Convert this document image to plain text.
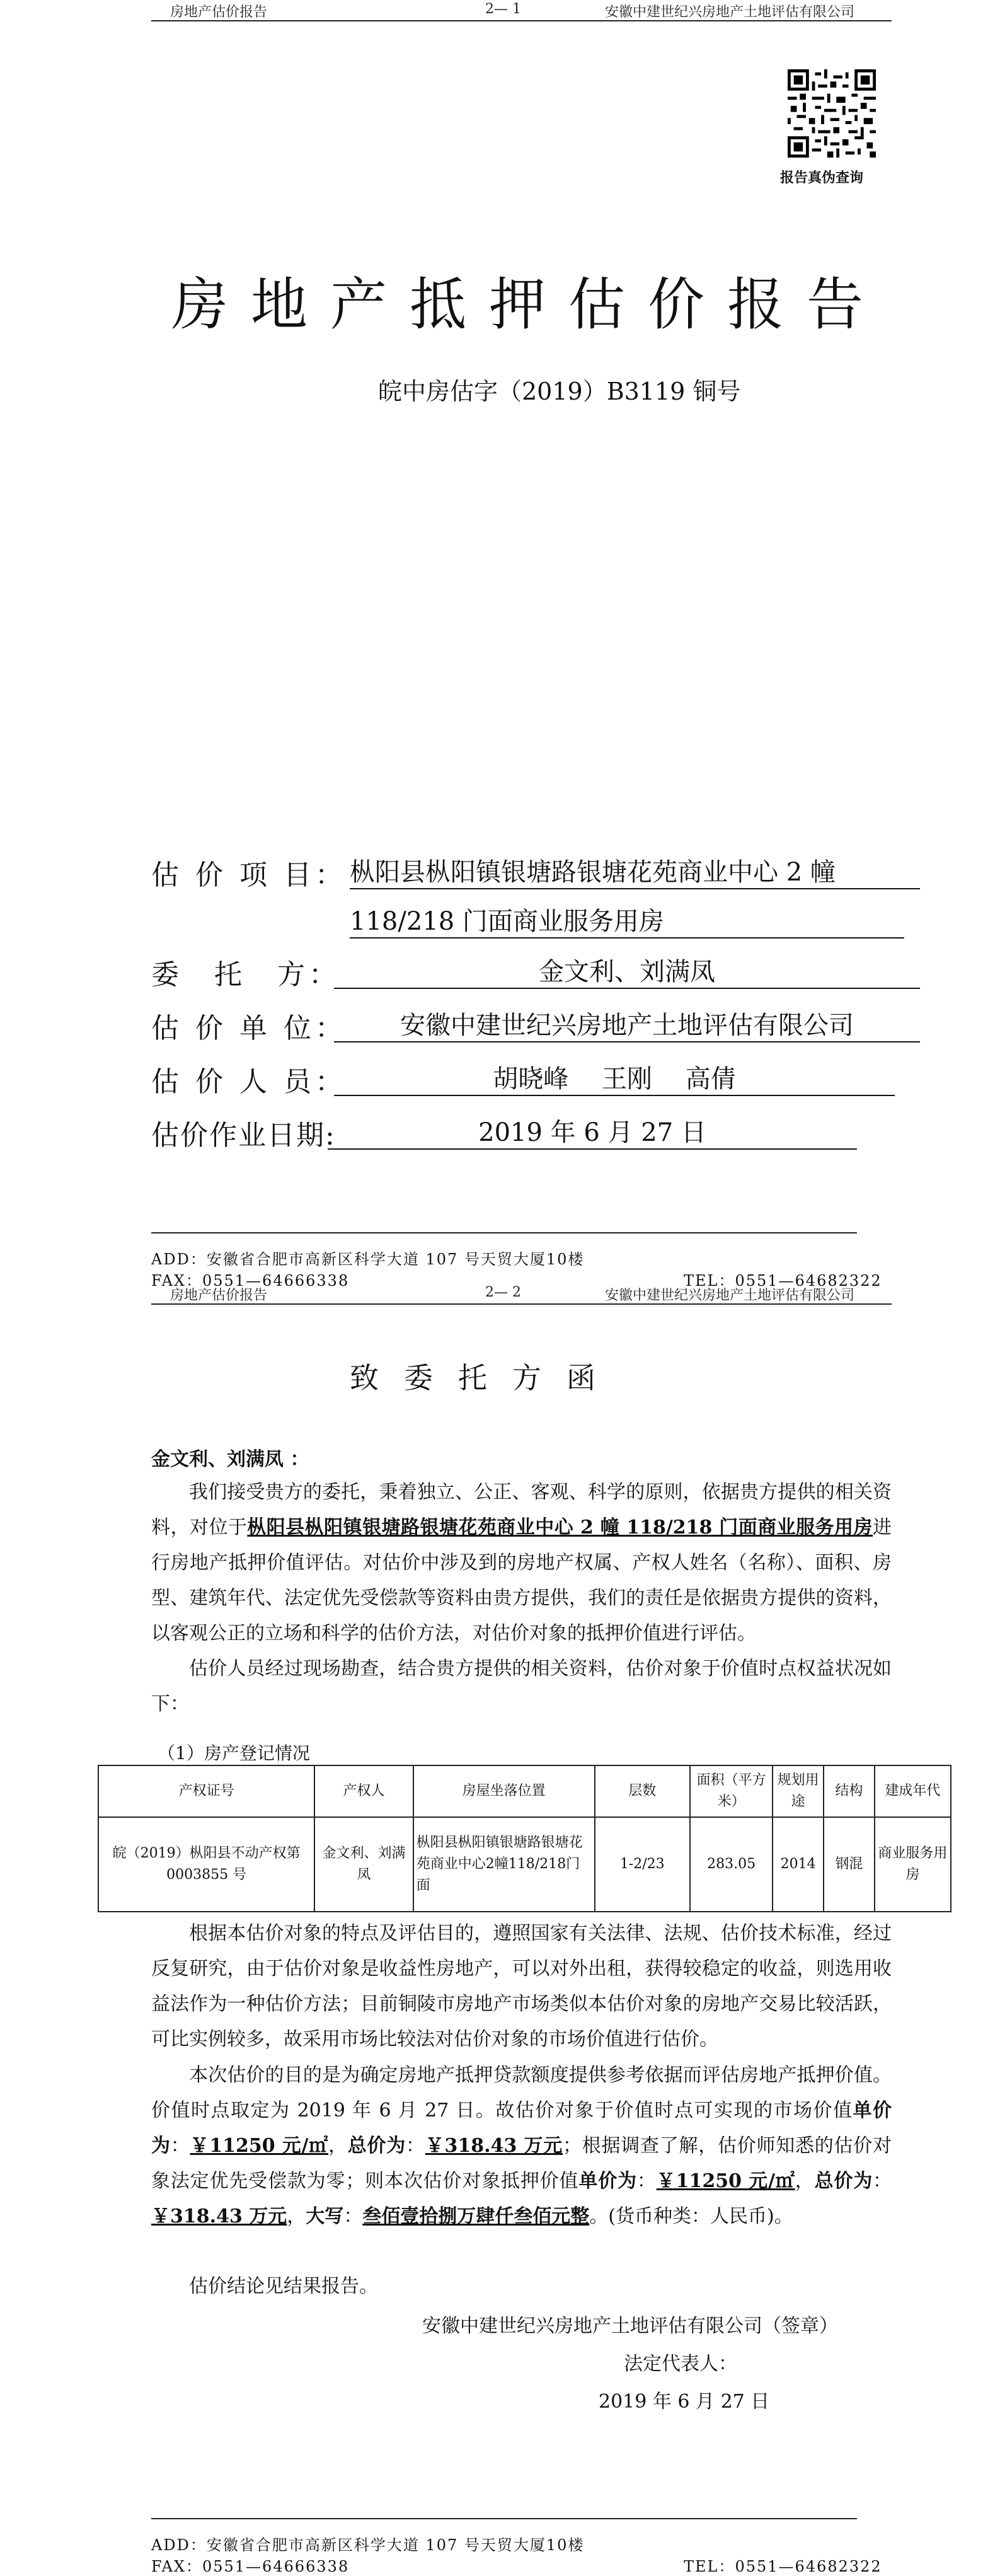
房地产估价报告	2— 1	安徽中建世纪兴房地产土地评估有限公司
报告真伪查询
房地产抵押估价报告
皖中房估字（2019）B3119 铜号
估 价 项 目： 枞阳县枞阳镇银塘路银塘花苑商业中心 2 幢
118/218 门面商业服务用房
委　托　方：	金文利、刘满凤
估 价 单 位：	安徽中建世纪兴房地产土地评估有限公司
估 价 人 员：	胡晓峰　 王刚　 高倩
估价作业日期:	2019 年 6 月 27 日
ADD：安徽省合肥市高新区科学大道 107 号天贸大厦10楼
FAX：0551—64666338	TEL：0551—64682322
房地产估价报告	2— 2	安徽中建世纪兴房地产土地评估有限公司
致委托方函
金文利、刘满凤 ：
我们接受贵方的委托，秉着独立、公正、客观、科学的原则，依据贵方提供的相关资料，对位于枞阳县枞阳镇银塘路银塘花苑商业中心 2 幢 118/218 门面商业服务用房进行房地产抵押价值评估。对估价中涉及到的房地产权属、产权人姓名（名称）、面积、房型、建筑年代、法定优先受偿款等资料由贵方提供，我们的责任是依据贵方提供的资料，以客观公正的立场和科学的估价方法，对估价对象的抵押价值进行评估。
估价人员经过现场勘查，结合贵方提供的相关资料，估价对象于价值时点权益状况如下：
（1）房产登记情况
产权证号	产权人	房屋坐落位置	层数	面积（平方米）	规划用途	结构	建成年代
皖（2019）枞阳县不动产权第 0003855 号	金文利、刘满凤	枞阳县枞阳镇银塘路银塘花苑商业中心2幢118/218门面	1-2/23	283.05	2014	钢混	商业服务用房
根据本估价对象的特点及评估目的，遵照国家有关法律、法规、估价技术标准，经过反复研究，由于估价对象是收益性房地产，可以对外出租，获得较稳定的收益，则选用收益法作为一种估价方法；目前铜陵市房地产市场类似本估价对象的房地产交易比较活跃，可比实例较多，故采用市场比较法对估价对象的市场价值进行估价。
本次估价的目的是为确定房地产抵押贷款额度提供参考依据而评估房地产抵押价值。价值时点取定为 2019 年 6 月 27 日。故估价对象于价值时点可实现的市场价值单价为：￥11250 元/㎡，总价为：￥318.43 万元；根据调查了解，估价师知悉的估价对象法定优先受偿款为零；则本次估价对象抵押价值单价为：￥11250 元/㎡，总价为：￥318.43 万元，大写：叁佰壹拾捌万肆仟叁佰元整。(货币种类：人民币)。
估价结论见结果报告。
安徽中建世纪兴房地产土地评估有限公司（签章）
法定代表人：
2019 年 6 月 27 日
ADD：安徽省合肥市高新区科学大道 107 号天贸大厦10楼
FAX：0551—64666338	TEL：0551—64682322
